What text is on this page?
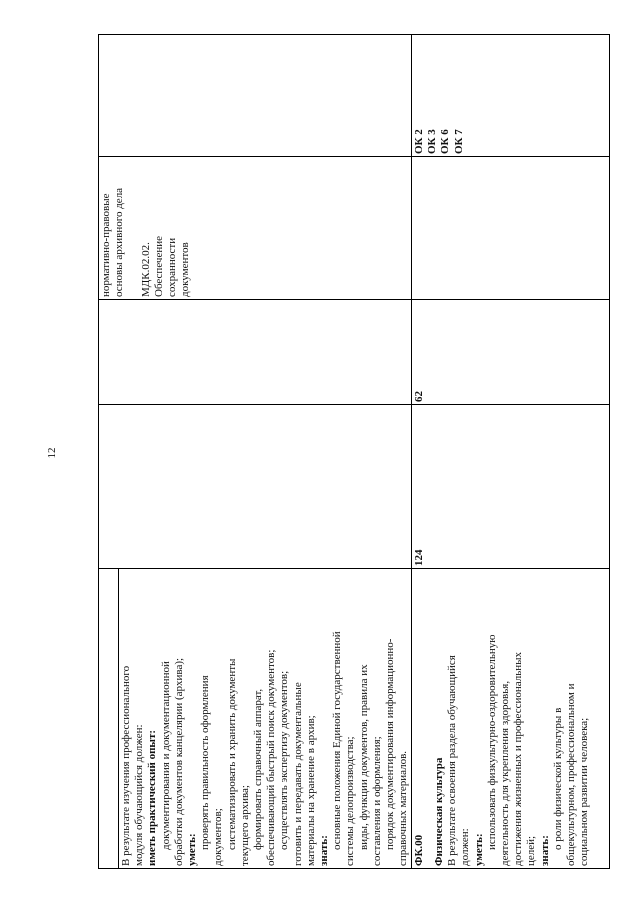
12
В результате изучения профессионального модуля обучающийся должен: иметь практический опыт: документирования и документационной обработки документов канцелярии (архива); уметь: проверять правильность оформления документов; систематизировать и хранить документы текущего архива; формировать справочный аппарат, обеспечивающий быстрый поиск документов; осуществлять экспертизу документов; готовить и передавать документальные материалы на хранение в архив; знать:
основные положения Единой государственной системы делопроизводства; виды, функции документов, правила их составления и оформления; порядок документирования информационно- справочных материалов.
нормативно-правовые основы архивного дела
МДК.02.02. Обеспечение сохранности документов
ФК.00 Физическая культура В результате освоения раздела обучающийся должен: уметь: использовать физкультурно-оздоровительную деятельность для укрепления здоровья, достижения жизненных и профессиональных целей; знать:
о роли физической культуры в общекультурном, профессиональном и социальном развитии человека;
124
62
ОК 2 ОК 3 ОК 6 ОК 7
